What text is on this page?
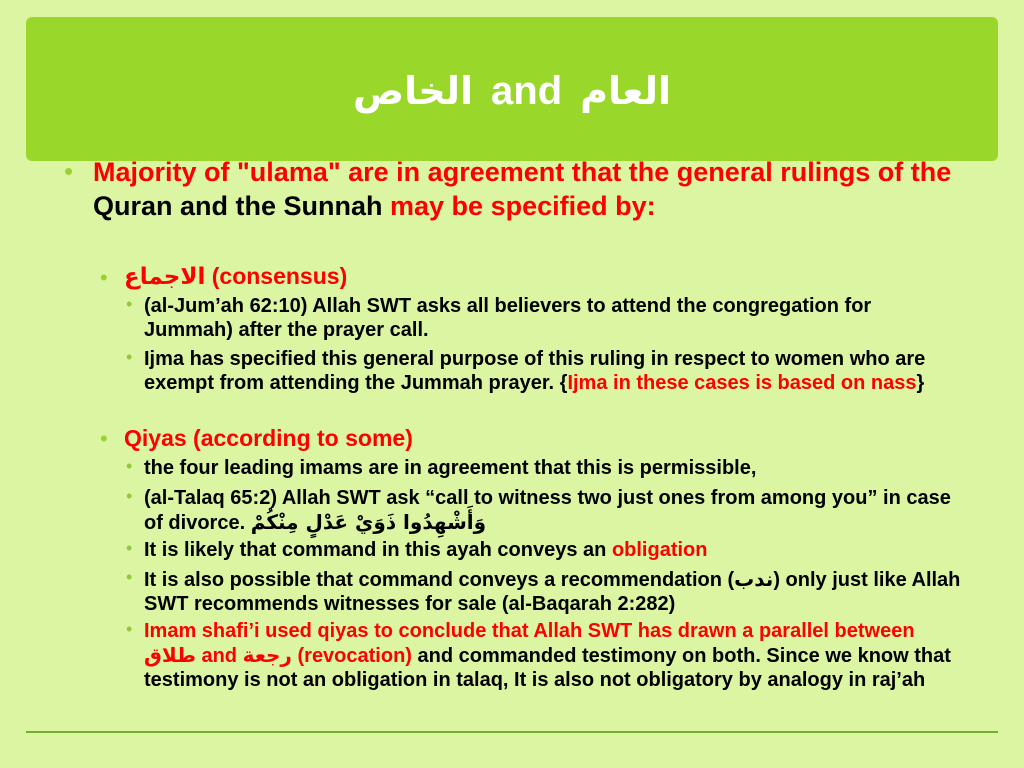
الخاص and العام
• Majority of "ulama" are in agreement that the general rulings of the Quran and the Sunnah may be specified by:
• الاجماع (consensus)
• (al-Jum’ah 62:10) Allah SWT asks all believers to attend the congregation for Jummah) after the prayer call.
• Ijma has specified this general purpose of this ruling in respect to women who are exempt from attending the Jummah prayer. {Ijma in these cases is based on nass}
• Qiyas (according to some)
• the four leading imams are in agreement that this is permissible,
• (al-Talaq 65:2) Allah SWT ask “call to witness two just ones from among you” in case of divorce. وَأَشْهِدُوا ذَوَيْ عَدْلٍ مِنْكُمْ
• It is likely that command in this ayah conveys an obligation
• It is also possible that command conveys a recommendation (ندب) only just like Allah SWT recommends witnesses for sale (al-Baqarah 2:282)
• Imam shafi’i used qiyas to conclude that Allah SWT has drawn a parallel between طلاق and رجعة (revocation) and commanded testimony on both. Since we know that testimony is not an obligation in talaq, It is also not obligatory by analogy in raj’ah
